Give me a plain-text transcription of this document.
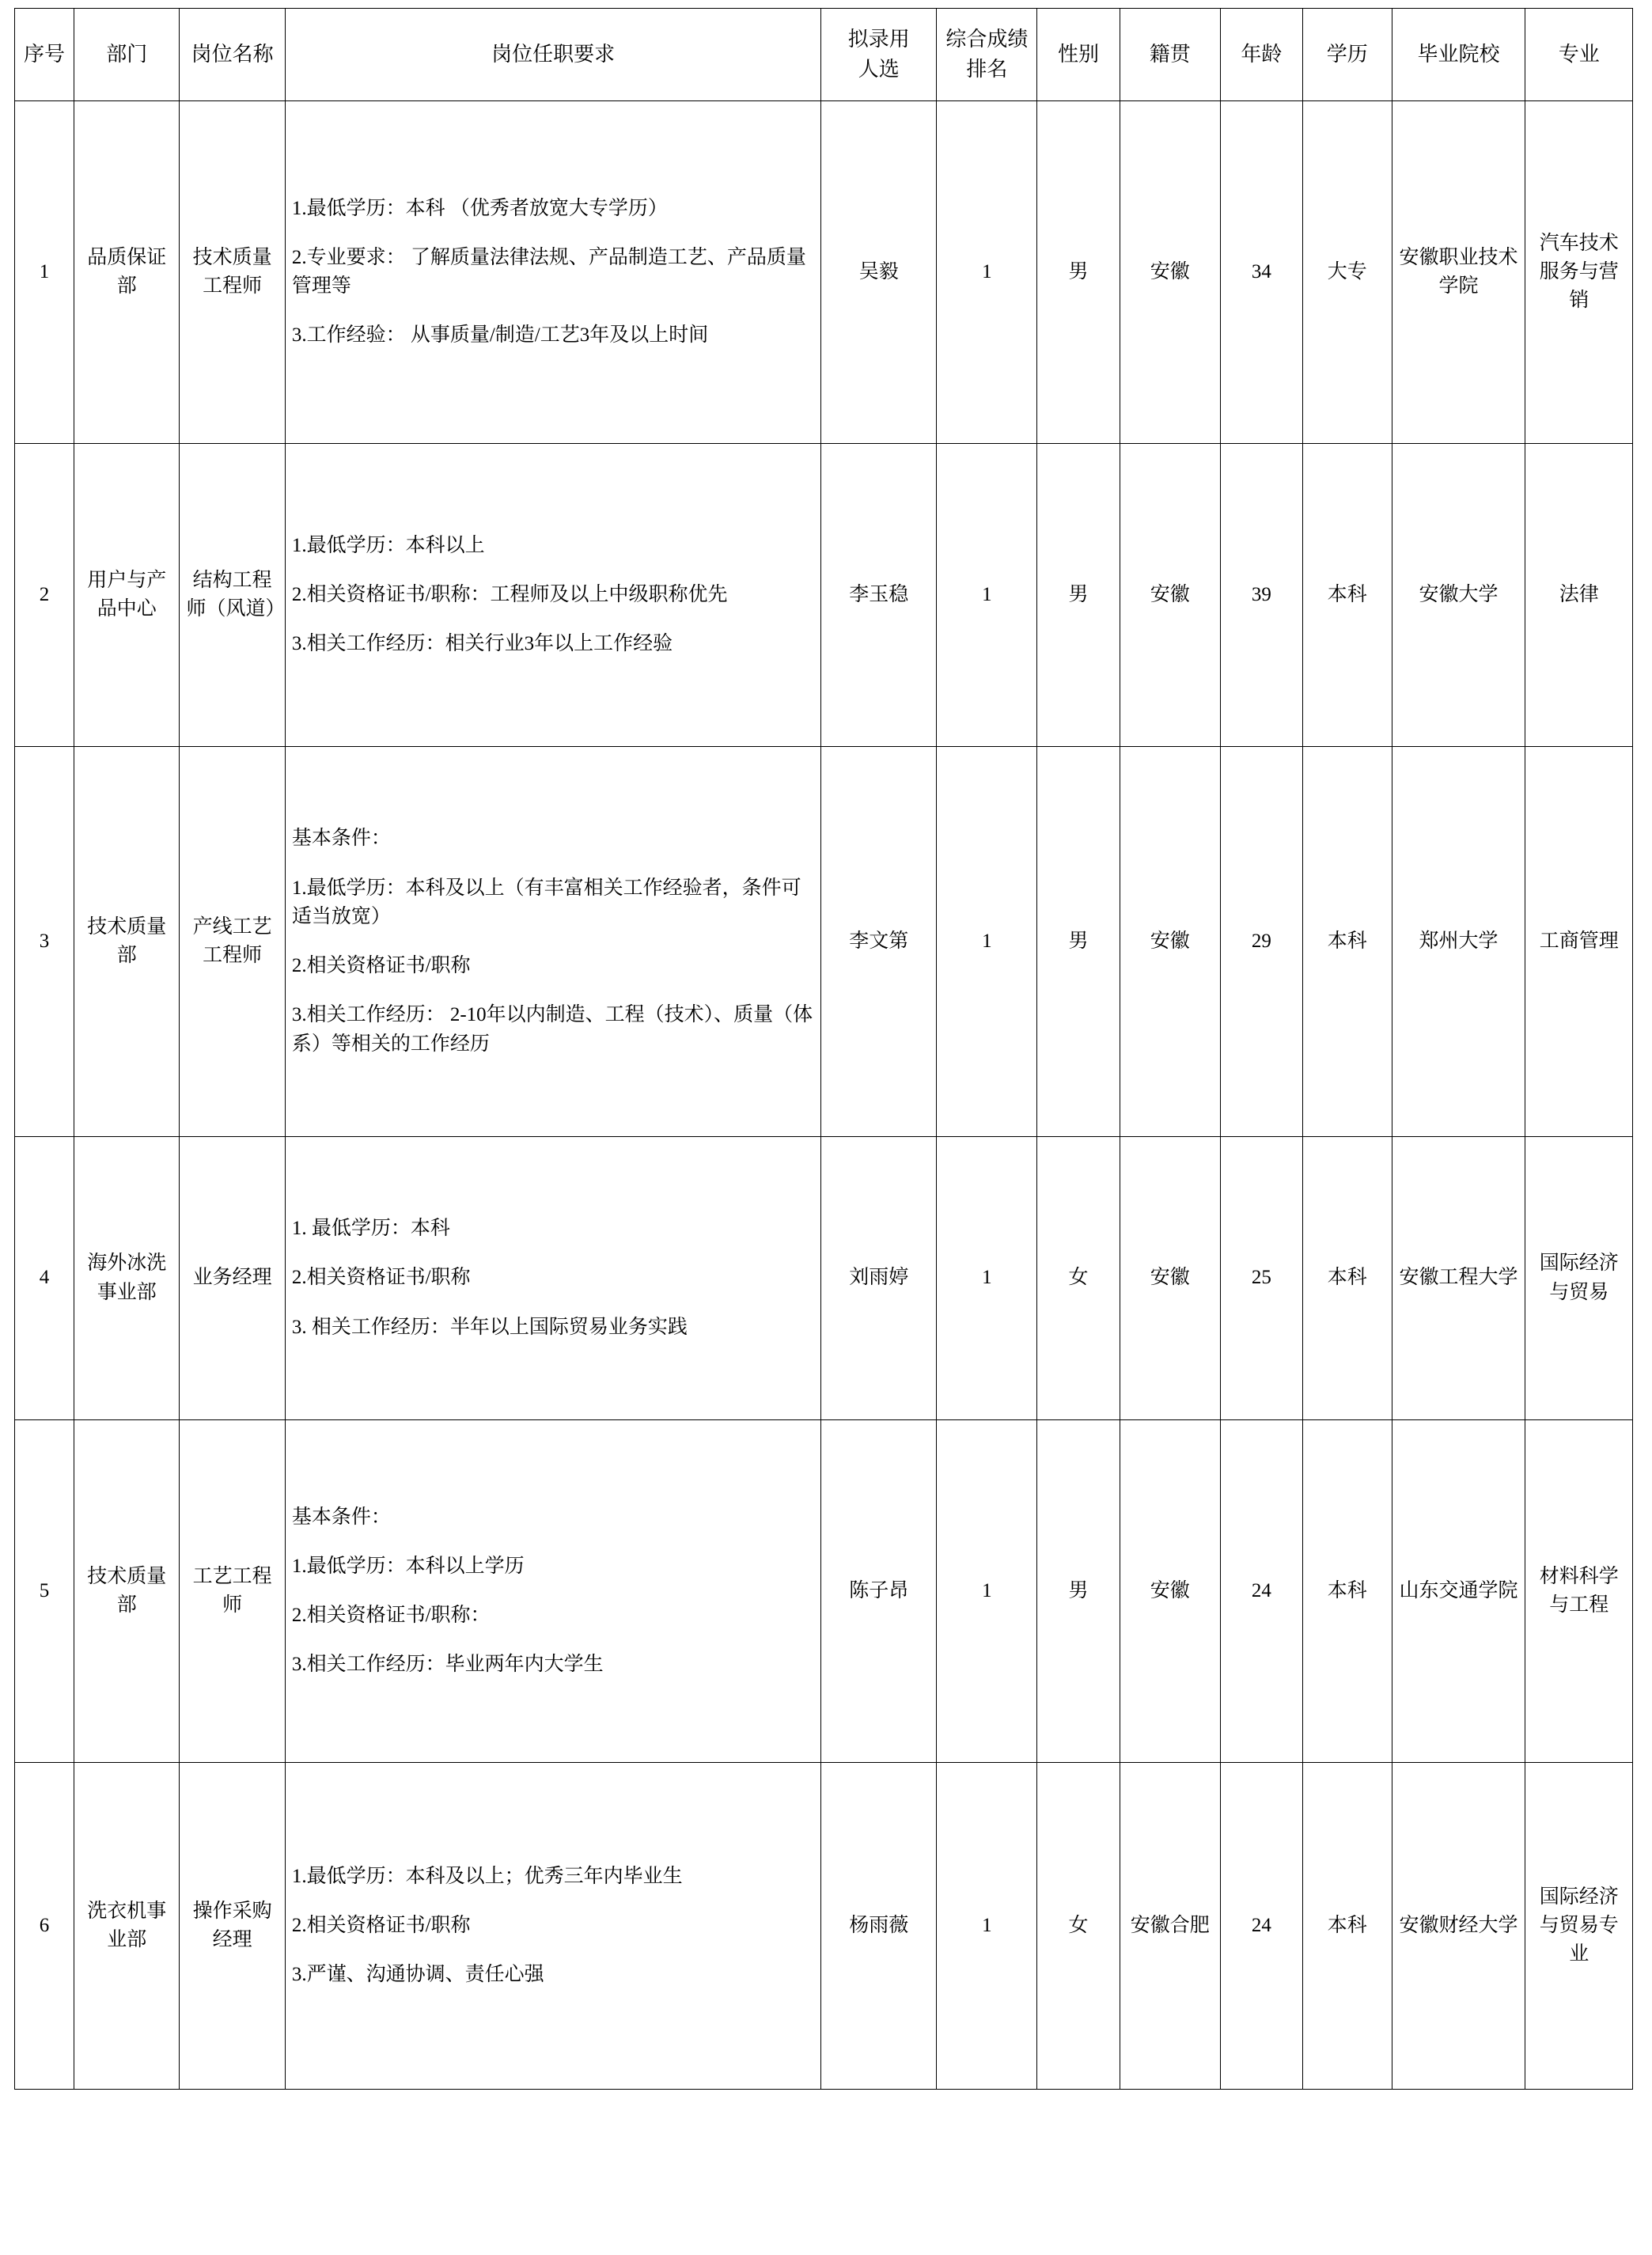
序号	部门	岗位名称	岗位任职要求	拟录用
人选	综合成绩
排名	性别	籍贯	年龄	学历	毕业院校	专业
1	品质保证部	技术质量工程师	1.最低学历：本科 （优秀者放宽大专学历）

2.专业要求： 了解质量法律法规、产品制造工艺、产品质量管理等

3.工作经验： 从事质量/制造/工艺3年及以上时间	吴毅	1	男	安徽	34	大专	安徽职业技术学院	汽车技术服务与营销
2	用户与产品中心	结构工程师（风道）	1.最低学历：本科以上

2.相关资格证书/职称：工程师及以上中级职称优先

3.相关工作经历：相关行业3年以上工作经验	李玉稳	1	男	安徽	39	本科	安徽大学	法律
3	技术质量部	产线工艺工程师	基本条件：

1.最低学历：本科及以上（有丰富相关工作经验者，条件可适当放宽）

2.相关资格证书/职称

3.相关工作经历： 2-10年以内制造、工程（技术）、质量（体系）等相关的工作经历	李文第	1	男	安徽	29	本科	郑州大学	工商管理
4	海外冰洗事业部	业务经理	1. 最低学历：本科

2.相关资格证书/职称

3. 相关工作经历：半年以上国际贸易业务实践	刘雨婷	1	女	安徽	25	本科	安徽工程大学	国际经济与贸易
5	技术质量部	工艺工程师	基本条件：

1.最低学历：本科以上学历

2.相关资格证书/职称：

3.相关工作经历：毕业两年内大学生	陈子昂	1	男	安徽	24	本科	山东交通学院	材料科学与工程
6	洗衣机事业部	操作采购经理	1.最低学历：本科及以上；优秀三年内毕业生

2.相关资格证书/职称

3.严谨、沟通协调、责任心强	杨雨薇	1	女	安徽合肥	24	本科	安徽财经大学	国际经济与贸易专业
